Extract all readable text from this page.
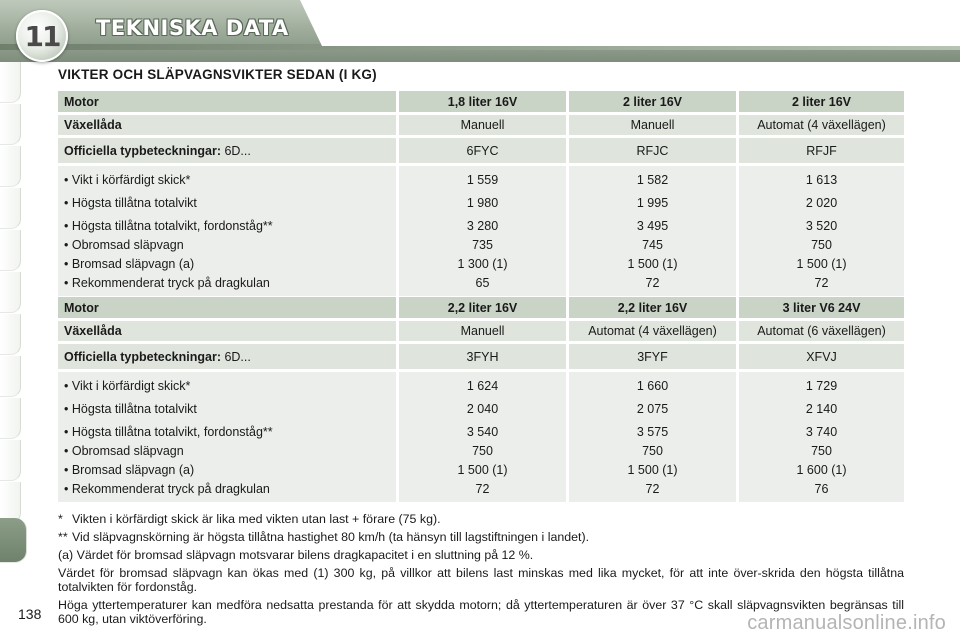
11	TEKNISKA DATA
VIKTER OCH SLÄPVAGNSVIKTER SEDAN (I KG)
Motor	1,8 liter 16V	2 liter 16V	2 liter 16V
Växellåda	Manuell	Manuell	Automat (4 växellägen)
Officiella typbeteckningar: 6D...	6FYC	RFJC	RFJF
• Vikt i körfärdigt skick*	1 559	1 582	1 613
• Högsta tillåtna totalvikt	1 980	1 995	2 020
• Högsta tillåtna totalvikt, fordonståg**	3 280	3 495	3 520
• Obromsad släpvagn	735	745	750
• Bromsad släpvagn (a)	1 300 (1)	1 500 (1)	1 500 (1)
• Rekommenderat tryck på dragkulan	65	72	72
Motor	2,2 liter 16V	2,2 liter 16V	3 liter V6 24V
Växellåda	Manuell	Automat (4 växellägen)	Automat (6 växellägen)
Officiella typbeteckningar: 6D...	3FYH	3FYF	XFVJ
• Vikt i körfärdigt skick*	1 624	1 660	1 729
• Högsta tillåtna totalvikt	2 040	2 075	2 140
• Högsta tillåtna totalvikt, fordonståg**	3 540	3 575	3 740
• Obromsad släpvagn	750	750	750
• Bromsad släpvagn (a)	1 500 (1)	1 500 (1)	1 600 (1)
• Rekommenderat tryck på dragkulan	72	72	76

* Vikten i körfärdigt skick är lika med vikten utan last + förare (75 kg).

** Vid släpvagnskörning är högsta tillåtna hastighet 80 km/h (ta hänsyn till lagstiftningen i landet).

(a) Värdet för bromsad släpvagn motsvarar bilens dragkapacitet i en sluttning på 12 %.

Värdet för bromsad släpvagn kan ökas med (1) 300 kg, på villkor att bilens last minskas med lika mycket, för att inte över-skrida den högsta tillåtna totalvikten för fordonståg.

Höga yttertemperaturer kan medföra nedsatta prestanda för att skydda motorn; då yttertemperaturen är över 37 °C skall släpvagnsvikten begränsas till 600 kg, utan viktöverföring.

138	carmanualsonline.info
